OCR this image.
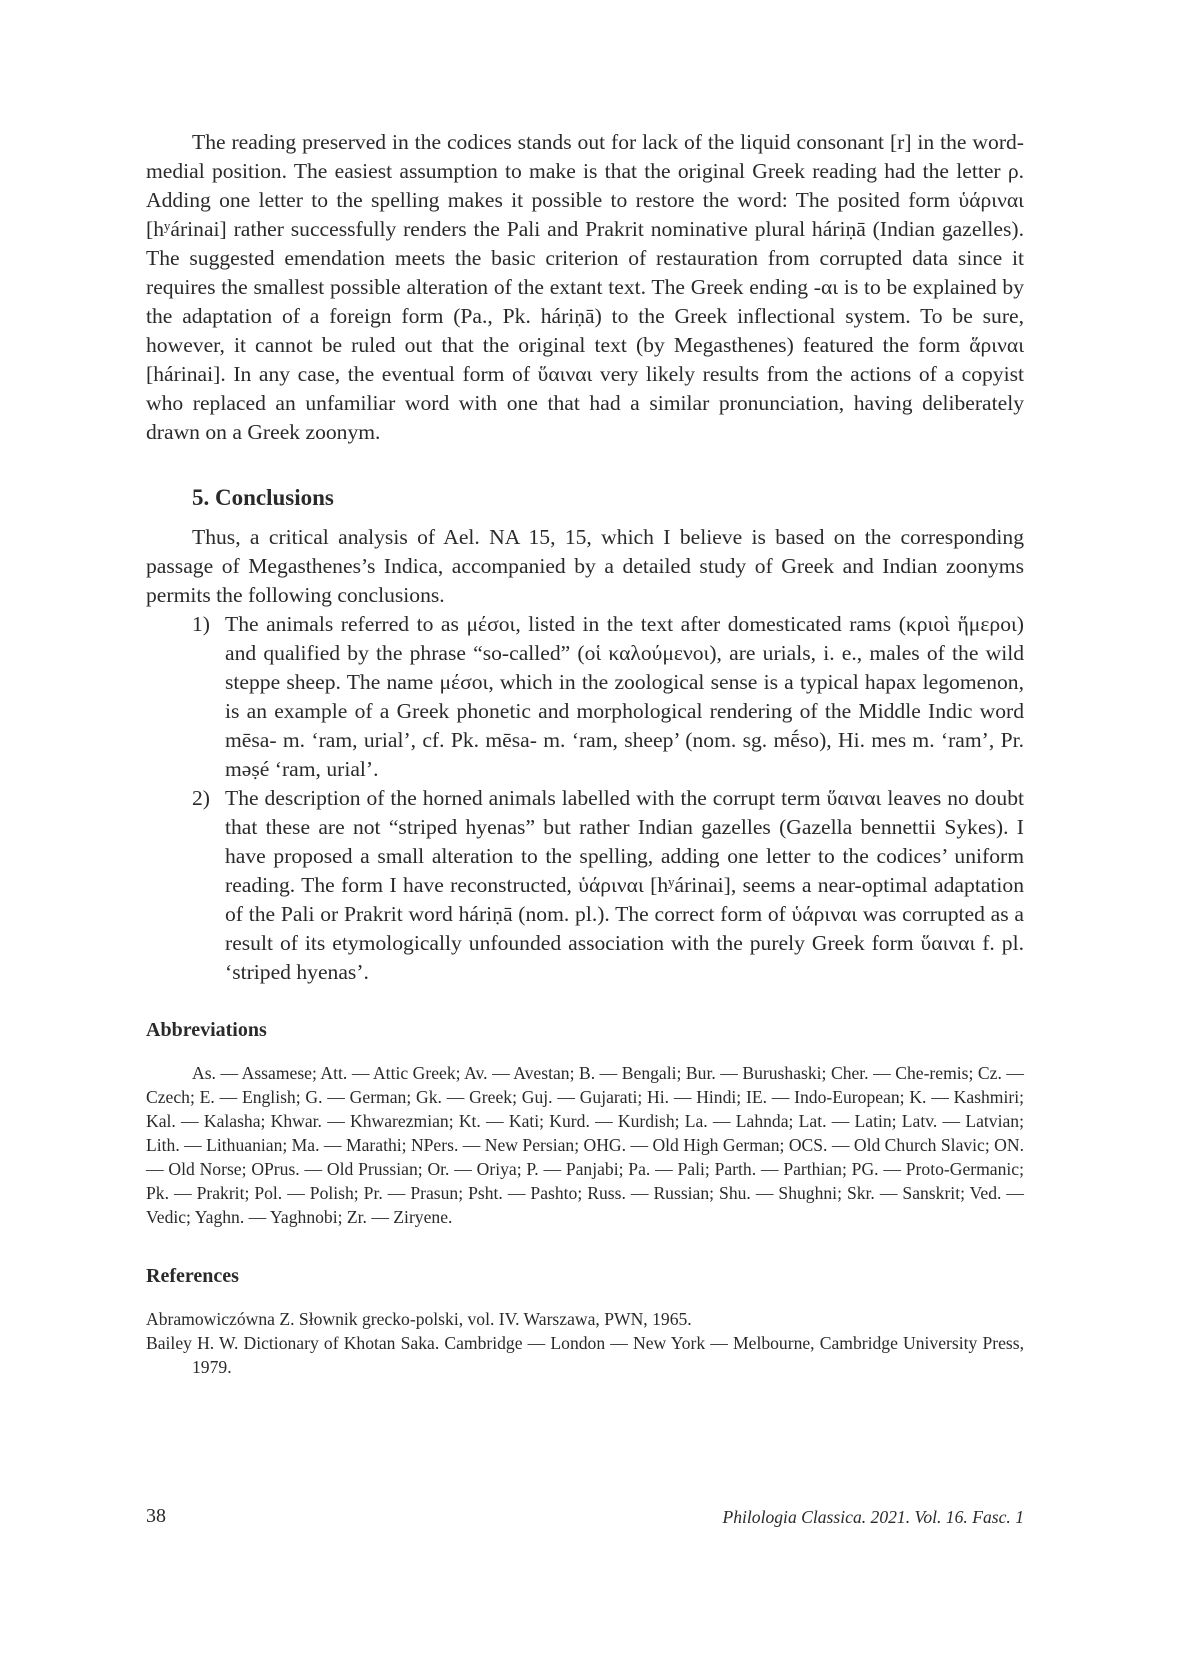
The reading preserved in the codices stands out for lack of the liquid consonant [r] in the word-medial position. The easiest assumption to make is that the original Greek reading had the letter ρ. Adding one letter to the spelling makes it possible to restore the word: The posited form ὑάριναι [hʸárinai] rather successfully renders the Pali and Prakrit nominative plural háriṇā (Indian gazelles). The suggested emendation meets the basic criterion of restauration from corrupted data since it requires the smallest possible alteration of the extant text. The Greek ending -αι is to be explained by the adaptation of a foreign form (Pa., Pk. háriṇā) to the Greek inflectional system. To be sure, however, it cannot be ruled out that the original text (by Megasthenes) featured the form ἅριναι [hárinai]. In any case, the eventual form of ὕαιναι very likely results from the actions of a copyist who replaced an unfamiliar word with one that had a similar pronunciation, having deliberately drawn on a Greek zoonym.

5. Conclusions

Thus, a critical analysis of Ael. NA 15, 15, which I believe is based on the corresponding passage of Megasthenes’s Indica, accompanied by a detailed study of Greek and Indian zoonyms permits the following conclusions.

1) The animals referred to as μέσοι, listed in the text after domesticated rams (κριοὶ ἥμεροι) and qualified by the phrase “so-called” (οἱ καλούμενοι), are urials, i. e., males of the wild steppe sheep. The name μέσοι, which in the zoological sense is a typical hapax legomenon, is an example of a Greek phonetic and morphological rendering of the Middle Indic word mēsa- m. ‘ram, urial’, cf. Pk. mēsa- m. ‘ram, sheep’ (nom. sg. mḗso), Hi. mes m. ‘ram’, Pr. məṣé ‘ram, urial’.
2) The description of the horned animals labelled with the corrupt term ὕαιναι leaves no doubt that these are not “striped hyenas” but rather Indian gazelles (Gazella bennettii Sykes). I have proposed a small alteration to the spelling, adding one letter to the codices’ uniform reading. The form I have reconstructed, ὑάριναι [hʸárinai], seems a near-optimal adaptation of the Pali or Prakrit word háriṇā (nom. pl.). The correct form of ὑάριναι was corrupted as a result of its etymologically unfounded association with the purely Greek form ὕαιναι f. pl. ‘striped hyenas’.
Abbreviations

As. — Assamese; Att. — Attic Greek; Av. — Avestan; B. — Bengali; Bur. — Burushaski; Cher. — Che-remis; Cz. — Czech; E. — English; G. — German; Gk. — Greek; Guj. — Gujarati; Hi. — Hindi; IE. — Indo-European; K. — Kashmiri; Kal. — Kalasha; Khwar. — Khwarezmian; Kt. — Kati; Kurd. — Kurdish; La. — Lahnda; Lat. — Latin; Latv. — Latvian; Lith. — Lithuanian; Ma. — Marathi; NPers. — New Persian; OHG. — Old High German; OCS. — Old Church Slavic; ON. — Old Norse; OPrus. — Old Prussian; Or. — Oriya; P. — Panjabi; Pa. — Pali; Parth. — Parthian; PG. — Proto-Germanic; Pk. — Prakrit; Pol. — Polish; Pr. — Prasun; Psht. — Pashto; Russ. — Russian; Shu. — Shughni; Skr. — Sanskrit; Ved. — Vedic; Yaghn. — Yaghnobi; Zr. — Ziryene.

References

Abramowiczówna Z. Słownik grecko-polski, vol. IV. Warszawa, PWN, 1965.

Bailey H. W. Dictionary of Khotan Saka. Cambridge — London — New York — Melbourne, Cambridge University Press, 1979.

38	Philologia Classica. 2021. Vol. 16. Fasc. 1
